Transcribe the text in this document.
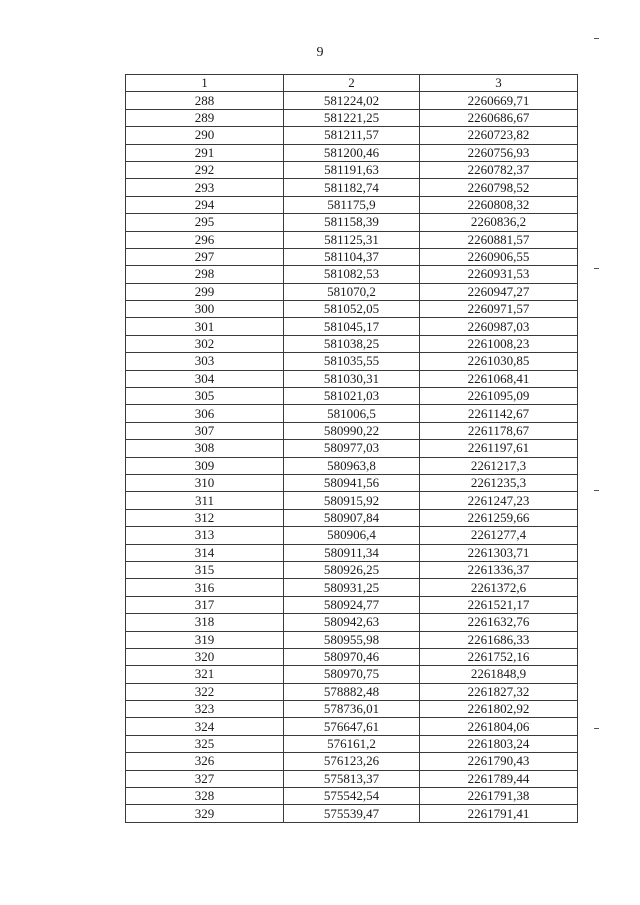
9
1	2	3
288	581224,02	2260669,71
289	581221,25	2260686,67
290	581211,57	2260723,82
291	581200,46	2260756,93
292	581191,63	2260782,37
293	581182,74	2260798,52
294	581175,9	2260808,32
295	581158,39	2260836,2
296	581125,31	2260881,57
297	581104,37	2260906,55
298	581082,53	2260931,53
299	581070,2	2260947,27
300	581052,05	2260971,57
301	581045,17	2260987,03
302	581038,25	2261008,23
303	581035,55	2261030,85
304	581030,31	2261068,41
305	581021,03	2261095,09
306	581006,5	2261142,67
307	580990,22	2261178,67
308	580977,03	2261197,61
309	580963,8	2261217,3
310	580941,56	2261235,3
311	580915,92	2261247,23
312	580907,84	2261259,66
313	580906,4	2261277,4
314	580911,34	2261303,71
315	580926,25	2261336,37
316	580931,25	2261372,6
317	580924,77	2261521,17
318	580942,63	2261632,76
319	580955,98	2261686,33
320	580970,46	2261752,16
321	580970,75	2261848,9
322	578882,48	2261827,32
323	578736,01	2261802,92
324	576647,61	2261804,06
325	576161,2	2261803,24
326	576123,26	2261790,43
327	575813,37	2261789,44
328	575542,54	2261791,38
329	575539,47	2261791,41
